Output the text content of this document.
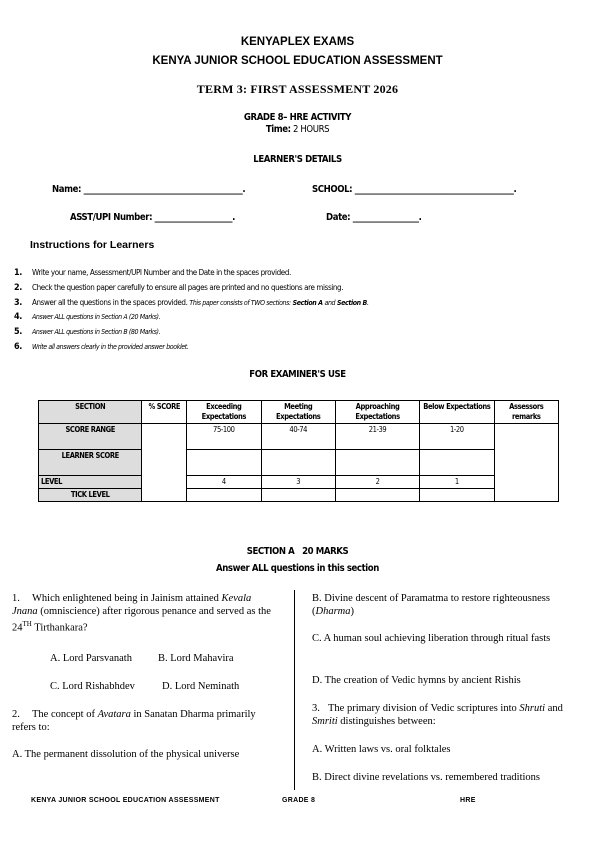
KENYAPLEX EXAMS
KENYA JUNIOR SCHOOL EDUCATION ASSESSMENT
TERM 3: FIRST ASSESSMENT 2026
GRADE 8– HRE ACTIVITY
Time: 2 HOURS
LEARNER'S DETAILS
Name: _________________________________________.	SCHOOL: _________________________________________.
ASST/UPI Number: ____________________.	Date: _________________.
Instructions for Learners
1. Write your name, Assessment/UPI Number and the Date in the spaces provided.
2. Check the question paper carefully to ensure all pages are printed and no questions are missing.
3. Answer all the questions in the spaces provided. This paper consists of TWO sections: Section A and Section B.
4. Answer ALL questions in Section A (20 Marks).
5. Answer ALL questions in Section B (80 Marks).
6. Write all answers clearly in the provided answer booklet.
FOR EXAMINER'S USE
SECTION	% SCORE	Exceeding Expectations	Meeting Expectations	Approaching Expectations	Below Expectations	Assessors remarks
SCORE RANGE		75-100	40-74	21-39	1-20	
LEARNER SCORE						
LEVEL		4	3	2	1	
TICK LEVEL						
SECTION A   20 MARKS
Answer ALL questions in this section
1. Which enlightened being in Jainism attained Kevala Jnana (omniscience) after rigorous penance and served as the 24TH Tirthankara?
A. Lord Parsvanath B. Lord Mahavira
C. Lord Rishabhdev	D. Lord Neminath
2. The concept of Avatara in Sanatan Dharma primarily refers to:
A. The permanent dissolution of the physical universe
B. Divine descent of Paramatma to restore righteousness (Dharma)
C. A human soul achieving liberation through ritual fasts
D. The creation of Vedic hymns by ancient Rishis
3. The primary division of Vedic scriptures into Shruti and Smriti distinguishes between:
A. Written laws vs. oral folktales
B. Direct divine revelations vs. remembered traditions
KENYA JUNIOR SCHOOL EDUCATION ASSESSMENT	GRADE 8	HRE
